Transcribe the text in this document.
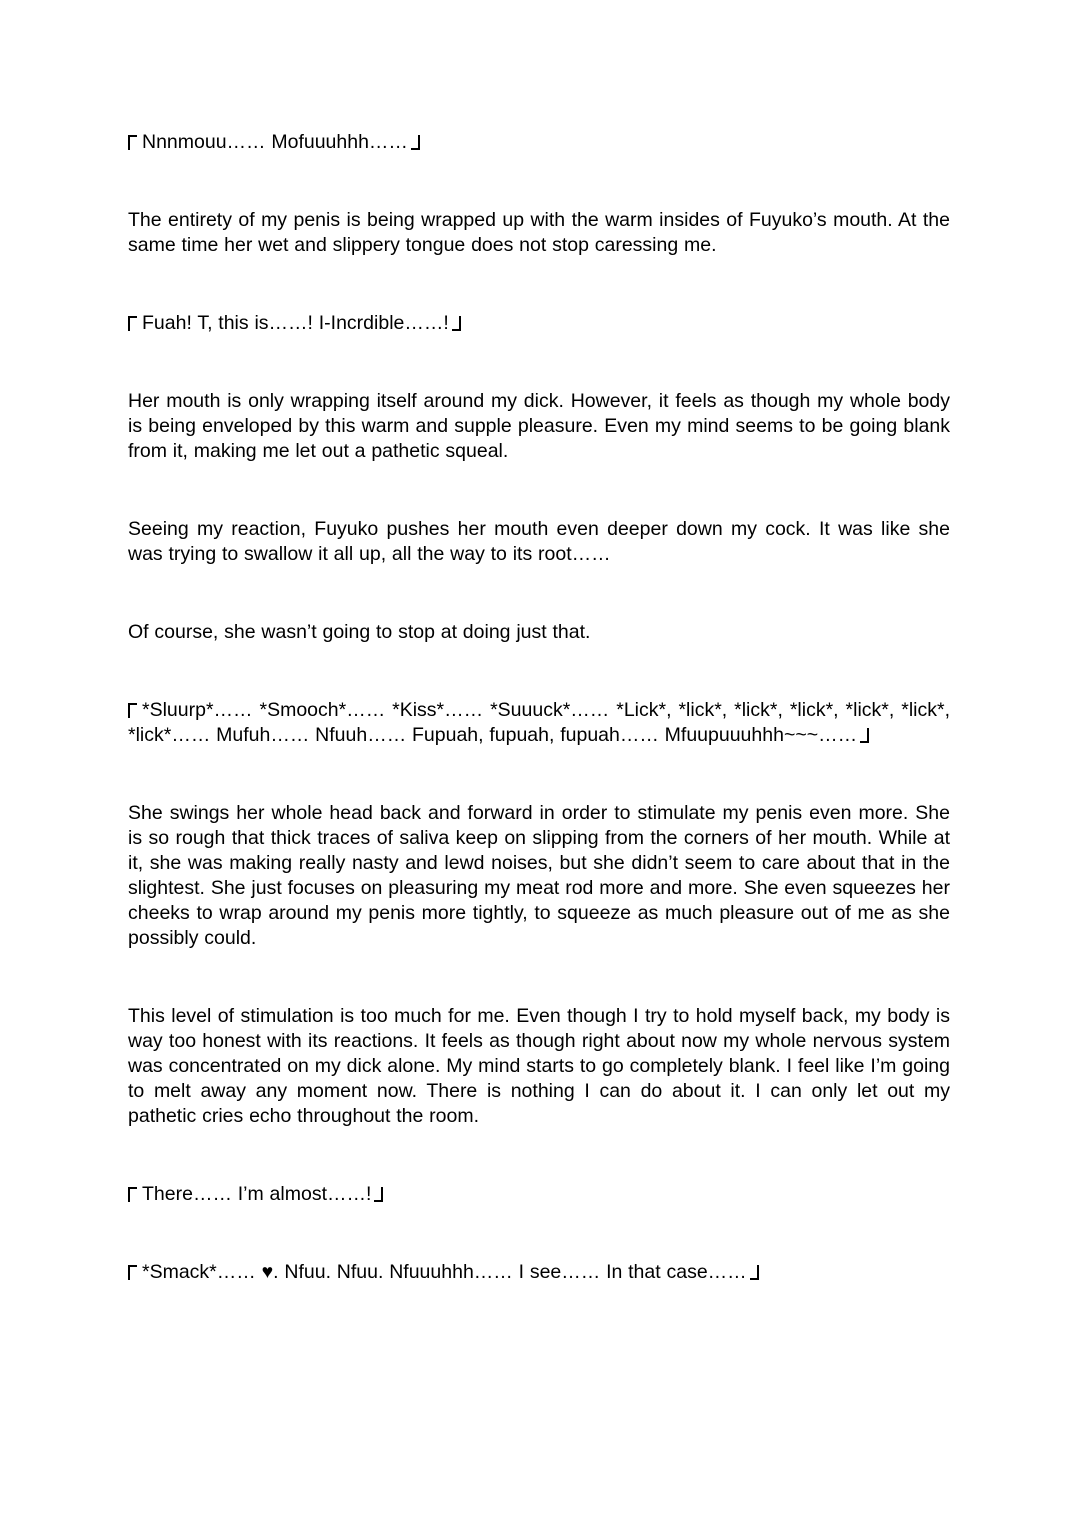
Nnnmouu…… Mofuuuhhh……

The entirety of my penis is being wrapped up with the warm insides of Fuyuko’s mouth. At the same time her wet and slippery tongue does not stop caressing me.

Fuah! T, this is……! I-Incrdible……!

Her mouth is only wrapping itself around my dick. However, it feels as though my whole body is being enveloped by this warm and supple pleasure. Even my mind seems to be going blank from it, making me let out a pathetic squeal.

Seeing my reaction, Fuyuko pushes her mouth even deeper down my cock. It was like she was trying to swallow it all up, all the way to its root……

Of course, she wasn’t going to stop at doing just that.

*Sluurp*…… *Smooch*…… *Kiss*…… *Suuuck*…… *Lick*, *lick*, *lick*, *lick*, *lick*, *lick*, *lick*…… Mufuh…… Nfuuh…… Fupuah, fupuah, fupuah…… Mfuupuuuhhh~~~……

She swings her whole head back and forward in order to stimulate my penis even more. She is so rough that thick traces of saliva keep on slipping from the corners of her mouth. While at it, she was making really nasty and lewd noises, but she didn’t seem to care about that in the slightest. She just focuses on pleasuring my meat rod more and more. She even squeezes her cheeks to wrap around my penis more tightly, to squeeze as much pleasure out of me as she possibly could.

This level of stimulation is too much for me. Even though I try to hold myself back, my body is way too honest with its reactions. It feels as though right about now my whole nervous system was concentrated on my dick alone. My mind starts to go completely blank. I feel like I’m going to melt away any moment now. There is nothing I can do about it. I can only let out my pathetic cries echo throughout the room.

There…… I’m almost……!

*Smack*…… ♥. Nfuu. Nfuu. Nfuuuhhh…… I see…… In that case……
